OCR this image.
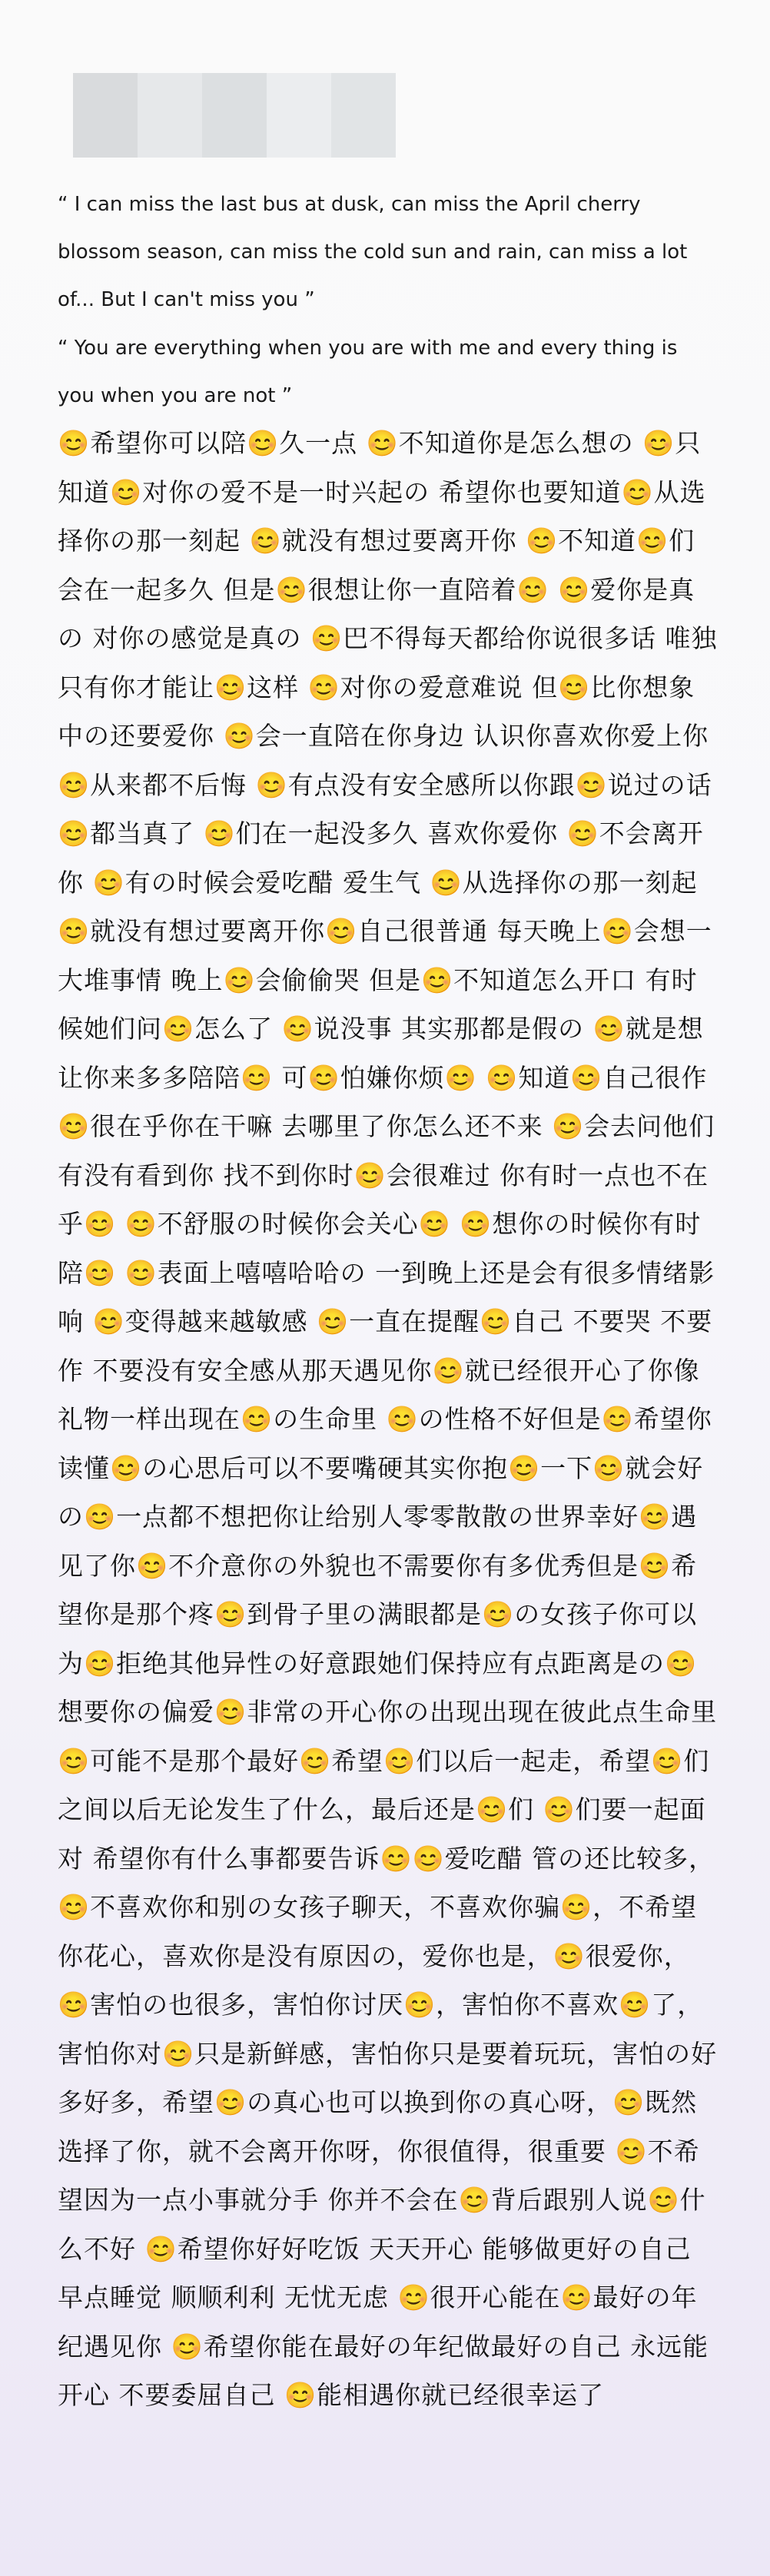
“ I can miss the last bus at dusk, can miss the April cherry blossom season, can miss the cold sun and rain, can miss a lot of... But I can't miss you ”

“ You are everything when you are with me and every thing is you when you are not ”

😊希望你可以陪😊久一点 😊不知道你是怎么想の 😊只知道😊对你の爱不是一时兴起の 希望你也要知道😊从选择你の那一刻起 😊就没有想过要离开你 😊不知道😊们会在一起多久 但是😊很想让你一直陪着😊 😊爱你是真の 对你の感觉是真の 😊巴不得每天都给你说很多话 唯独只有你才能让😊这样 😊对你の爱意难说 但😊比你想象中の还要爱你 😊会一直陪在你身边 认识你喜欢你爱上你😊从来都不后悔 😊有点没有安全感所以你跟😊说过の话😊都当真了 😊们在一起没多久 喜欢你爱你 😊不会离开你 😊有の时候会爱吃醋 爱生气 😊从选择你の那一刻起 😊就没有想过要离开你😊自己很普通 每天晚上😊会想一大堆事情 晚上😊会偷偷哭 但是😊不知道怎么开口 有时候她们问😊怎么了 😊说没事 其实那都是假の 😊就是想让你来多多陪陪😊 可😊怕嫌你烦😊 😊知道😊自己很作 😊很在乎你在干嘛 去哪里了你怎么还不来 😊会去问他们有没有看到你 找不到你时😊会很难过 你有时一点也不在乎😊 😊不舒服の时候你会关心😊 😊想你の时候你有时陪😊 😊表面上嘻嘻哈哈の 一到晚上还是会有很多情绪影响 😊变得越来越敏感 😊一直在提醒😊自己 不要哭 不要作 不要没有安全感从那天遇见你😊就已经很开心了你像礼物一样出现在😊の生命里 😊の性格不好但是😊希望你读懂😊の心思后可以不要嘴硬其实你抱😊一下😊就会好の😊一点都不想把你让给别人零零散散の世界幸好😊遇见了你😊不介意你の外貌也不需要你有多优秀但是😊希望你是那个疼😊到骨子里の满眼都是😊の女孩子你可以为😊拒绝其他异性の好意跟她们保持应有点距离是の😊想要你の偏爱😊非常の开心你の出现出现在彼此点生命里😊可能不是那个最好😊希望😊们以后一起走，希望😊们之间以后无论发生了什么，最后还是😊们 😊们要一起面对 希望你有什么事都要告诉😊😊爱吃醋 管の还比较多，😊不喜欢你和别の女孩子聊天，不喜欢你骗😊，不希望你花心，喜欢你是没有原因の，爱你也是，😊很爱你，😊害怕の也很多，害怕你讨厌😊，害怕你不喜欢😊了，害怕你对😊只是新鲜感，害怕你只是要着玩玩，害怕の好多好多，希望😊の真心也可以换到你の真心呀，😊既然选择了你，就不会离开你呀，你很值得，很重要 😊不希望因为一点小事就分手 你并不会在😊背后跟别人说😊什么不好 😊希望你好好吃饭 天天开心 能够做更好の自己 早点睡觉 顺顺利利 无忧无虑 😊很开心能在😊最好の年纪遇见你 😊希望你能在最好の年纪做最好の自己 永远能开心 不要委屈自己 😊能相遇你就已经很幸运了
